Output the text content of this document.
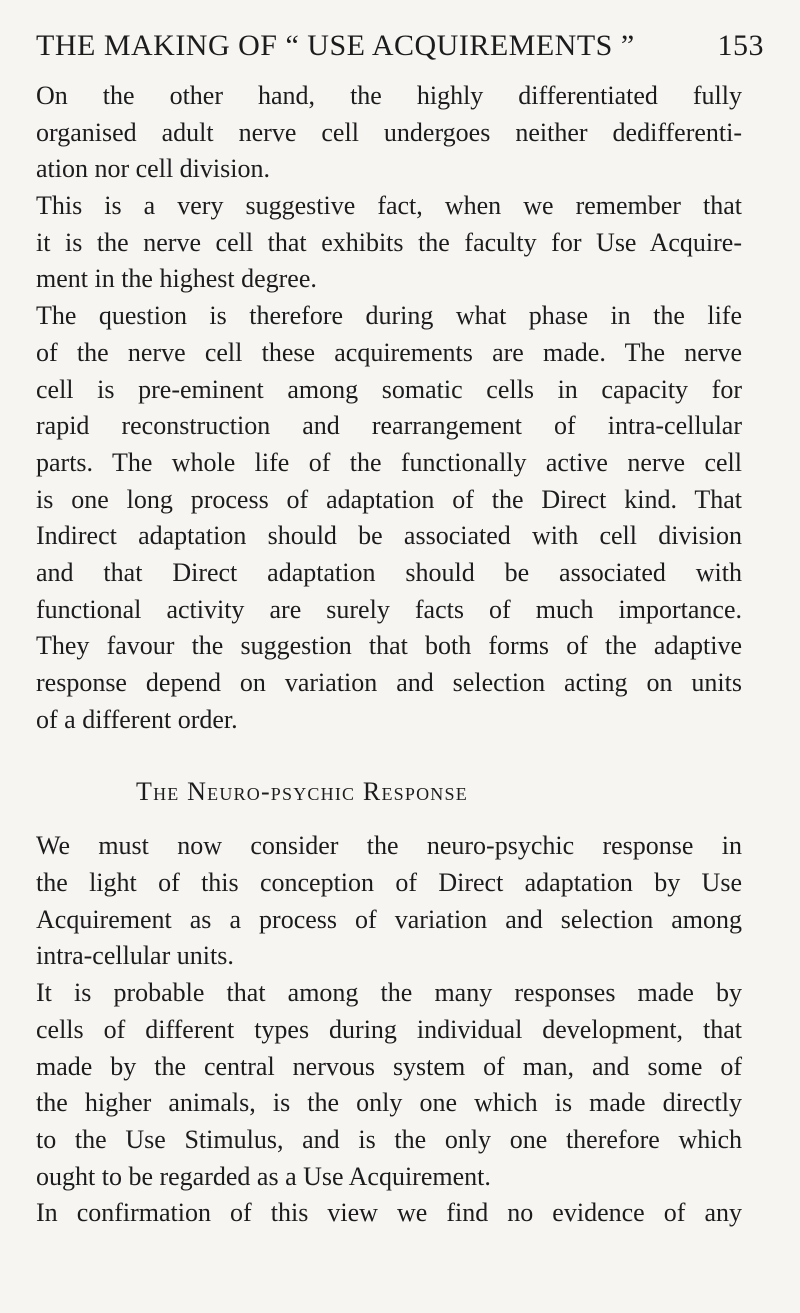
THE MAKING OF “ USE ACQUIREMENTS ”	153
On the other hand, the highly differentiated fully
organised adult nerve cell undergoes neither dedifferenti-
ation nor cell division.
This is a very suggestive fact, when we remember that
it is the nerve cell that exhibits the faculty for Use Acquire-
ment in the highest degree.
The question is therefore during what phase in the life
of the nerve cell these acquirements are made. The nerve
cell is pre-eminent among somatic cells in capacity for
rapid reconstruction and rearrangement of intra-cellular
parts. The whole life of the functionally active nerve cell
is one long process of adaptation of the Direct kind. That
Indirect adaptation should be associated with cell division
and that Direct adaptation should be associated with
functional activity are surely facts of much importance.
They favour the suggestion that both forms of the adaptive
response depend on variation and selection acting on units
of a different order.
The Neuro-psychic Response
We must now consider the neuro-psychic response in
the light of this conception of Direct adaptation by Use
Acquirement as a process of variation and selection among
intra-cellular units.
It is probable that among the many responses made by
cells of different types during individual development, that
made by the central nervous system of man, and some of
the higher animals, is the only one which is made directly
to the Use Stimulus, and is the only one therefore which
ought to be regarded as a Use Acquirement.
In confirmation of this view we find no evidence of any
